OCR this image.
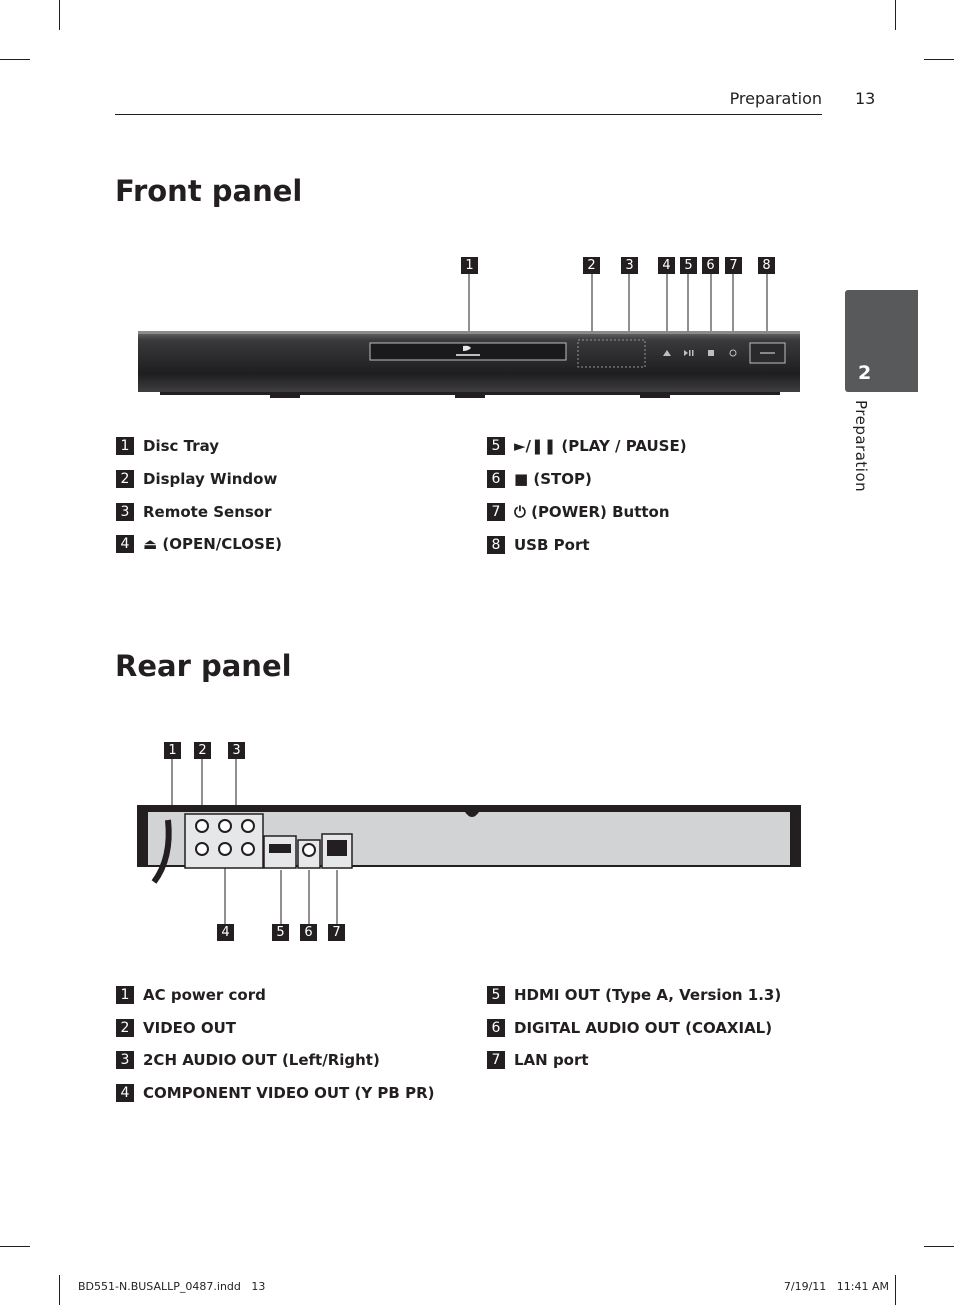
Preparation 13
2
Preparation
Front panel
1	2	3	4	5	6	7	8
1 Disc Tray
2 Display Window
3 Remote Sensor
4 ⏏ (OPEN/CLOSE)
5 ►/❚❚ (PLAY / PAUSE)
6 ■ (STOP)
7 ⏻ (POWER) Button
8 USB Port
Rear panel
1	2	3
4	5	6	7
1 AC power cord
2 VIDEO OUT
3 2CH AUDIO OUT (Left/Right)
4 COMPONENT VIDEO OUT (Y PB PR)
5 HDMI OUT (Type A, Version 1.3)
6 DIGITAL AUDIO OUT (COAXIAL)
7 LAN port
BD551-N.BUSALLP_0487.indd   13	7/19/11   11:41 AM
